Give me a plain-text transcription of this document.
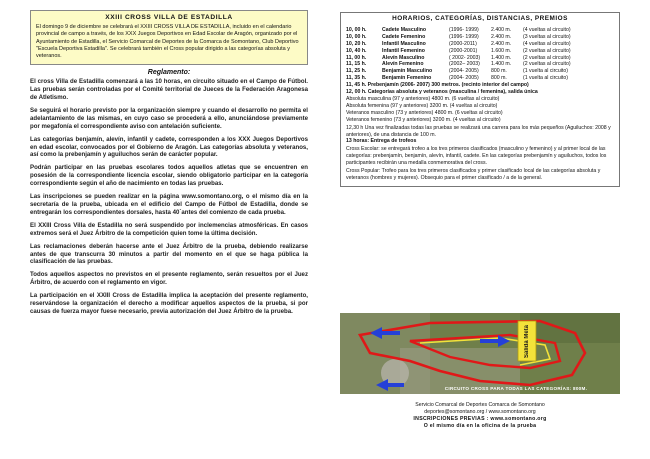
XXIII CROSS VILLA DE ESTADILLA
El domingo 9 de diciembre se celebrará el XXIII CROSS VILLA DE ESTADILLA, incluido en el calendario provincial de campo a través, de los XXX Juegos Deportivos en Edad Escolar de Aragón, organizado por el Ayuntamiento de Estadilla, el Servicio Comarcal de Deportes de la Comarca de Somontano, Club Deportivo "Escuela Deportiva Estadilla". Se celebrará también el Cross popular dirigido a las categorías absoluta y veteranos.
Reglamento:

El cross Villa de Estadilla comenzará a las 10 horas, en circuito situado en el Campo de Fútbol. Las pruebas serán controladas por el Comité territorial de Jueces de la Federación Aragonesa de Atletismo.

Se seguirá el horario previsto por la organización siempre y cuando el desarrollo no permita el adelantamiento de las mismas, en cuyo caso se procederá a ello, anunciándose previamente por megafonía el correspondiente aviso con antelación suficiente.

Las categorías benjamín, alevín, infantil y cadete, corresponden a los XXX Juegos Deportivos en edad escolar, convocados por el Gobierno de Aragón. Las categorías absoluta y veteranos, así como la prebenjamín y aguiluchos serán de carácter popular.

Podrán participar en las pruebas escolares todos aquellos atletas que se encuentren en posesión de la correspondiente licencia escolar, siendo obligatorio participar en la categoría correspondiente según el año de nacimiento en todas las pruebas.

Las inscripciones se pueden realizar en la página www.somontano.org, o el mismo día en la secretaría de la prueba, ubicada en el edificio del Campo de Fútbol de Estadilla, donde se entregarán los correspondientes dorsales, hasta 40´antes del comienzo de cada prueba.

El XXIII Cross Villa de Estadilla no será suspendido por inclemencias atmosféricas. En casos extremos será el Juez Árbitro de la competición quien tome la última decisión.

Las reclamaciones deberán hacerse ante el Juez Árbitro de la prueba, debiendo realizarse antes de que transcurra 30 minutos a partir del momento en el que se haga pública la clasificación de las pruebas.

Todos aquellos aspectos no previstos en el presente reglamento, serán resueltos por el Juez Árbitro, de acuerdo con el reglamento en vigor.

La participación en el XXIII Cross de Estadilla implica la aceptación del presente reglamento, reservándose la organización el derecho a modificar aquellos aspectos de la prueba, si por causas de fuerza mayor fuese necesario, previa autorización del Juez Árbitro de la prueba.

HORARIOS, CATEGORÍAS, DISTANCIAS, PREMIOS
10, 00 h.	Cadete Masculino	(1996- 1999)	2.400 m.	(4 vueltas al circuito)
10, 00 h.	Cadete Femenino	(1996- 1999)	2.400 m.	(3 vueltas al circuito)
10, 20 h.	Infantil Masculino	(2000-2011)	2.400 m.	(4 vueltas al circuito)
10, 40 h.	Infantil Femenino	(2000-2001)	1.600 m.	(2 vueltas al circuito)
11, 00 h.	Alevín Masculino	( 2002- 2003)	1.400 m.	(2 vueltas al circuito)
11, 15 h.	Alevín Femenino	(2002– 2003)	1.400 m.	(2 vueltas al circuito)
11, 25 h.	Benjamín Masculino	(2004- 2005)	800 m.	(1 vuelta al circuito)
11, 35 h.	Benjamín Femenino	(2004- 2005)	800 m.	(1 vuelta al circuito)
11, 45 h. Prebenjamín (2006- 2007) 300 metros. (recinto interior del campo)
12, 00 h. Categorías absoluta y veteranos (masculina / femenina), salida única
Absoluta masculina (97 y anteriores) 4800 m. (6 vueltas al circuito)
Absoluta femenina (97 y anteriores) 3200 m. (4 vueltas al circuito)
Veteranos masculino (73 y anteriores) 4800 m. (6 vueltas al circuito)
Veteranos femenino (73 y anteriores) 3200 m. (4 vueltas al circuito)
12,30 h Una vez finalizadas todas las pruebas se realizará una carrera para los más pequeños (Aguiluchos: 2008 y anteriores), de una distancia de 100 m.
13 horas: Entrega de trofeos
Cross Escolar: se entregará trofeo a los tres primeros clasificados (masculino y femenino) y al primer local de las categorías: prebenjamín, benjamín, alevín, infantil, cadete. En las categorías prebenjamín y aguiluchos, todos los participantes recibirán una medalla conmemorativa del cross.
Cross Popular: Trofeo para los tres primeros clasificados y primer clasificado local de las categorías absoluta y veteranos (hombres y mujeres). Obsequio para el primer clasificado / a de la general.
Salida Meta
CIRCUITO CROSS PARA TODAS LAS CATEGORÍAS: 800M.
Servicio Comarcal de Deportes Comarca de Somontano
deportes@somontano.org / www.somontano.org
INSCRIPCIONES PREVIAS : www.somontano.org
O el mismo día en la oficina de la prueba
